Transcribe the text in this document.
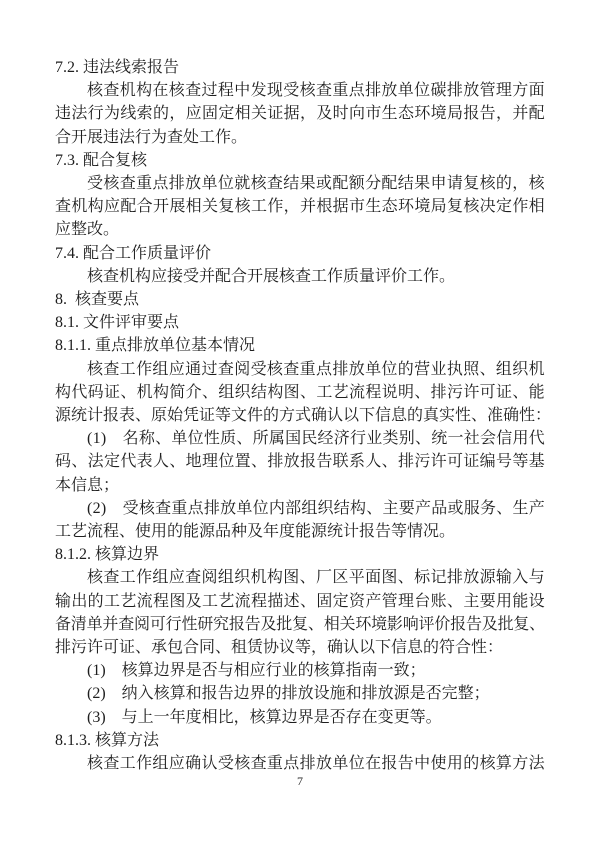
7.2. 违法线索报告
核查机构在核查过程中发现受核查重点排放单位碳排放管理方面
违法行为线索的，应固定相关证据，及时向市生态环境局报告，并配
合开展违法行为查处工作。
7.3. 配合复核
受核查重点排放单位就核查结果或配额分配结果申请复核的，核
查机构应配合开展相关复核工作，并根据市生态环境局复核决定作相
应整改。
7.4. 配合工作质量评价
核查机构应接受并配合开展核查工作质量评价工作。
8.  核查要点
8.1. 文件评审要点
8.1.1. 重点排放单位基本情况
核查工作组应通过查阅受核查重点排放单位的营业执照、组织机
构代码证、机构简介、组织结构图、工艺流程说明、排污许可证、能
源统计报表、原始凭证等文件的方式确认以下信息的真实性、准确性：
(1)　名称、单位性质、所属国民经济行业类别、统一社会信用代
码、法定代表人、地理位置、排放报告联系人、排污许可证编号等基
本信息；
(2)　受核查重点排放单位内部组织结构、主要产品或服务、生产
工艺流程、使用的能源品种及年度能源统计报告等情况。
8.1.2. 核算边界
核查工作组应查阅组织机构图、厂区平面图、标记排放源输入与
输出的工艺流程图及工艺流程描述、固定资产管理台账、主要用能设
备清单并查阅可行性研究报告及批复、相关环境影响评价报告及批复、
排污许可证、承包合同、租赁协议等，确认以下信息的符合性：
(1)　核算边界是否与相应行业的核算指南一致；
(2)　纳入核算和报告边界的排放设施和排放源是否完整；
(3)　与上一年度相比，核算边界是否存在变更等。
8.1.3. 核算方法
核查工作组应确认受核查重点排放单位在报告中使用的核算方法
7
